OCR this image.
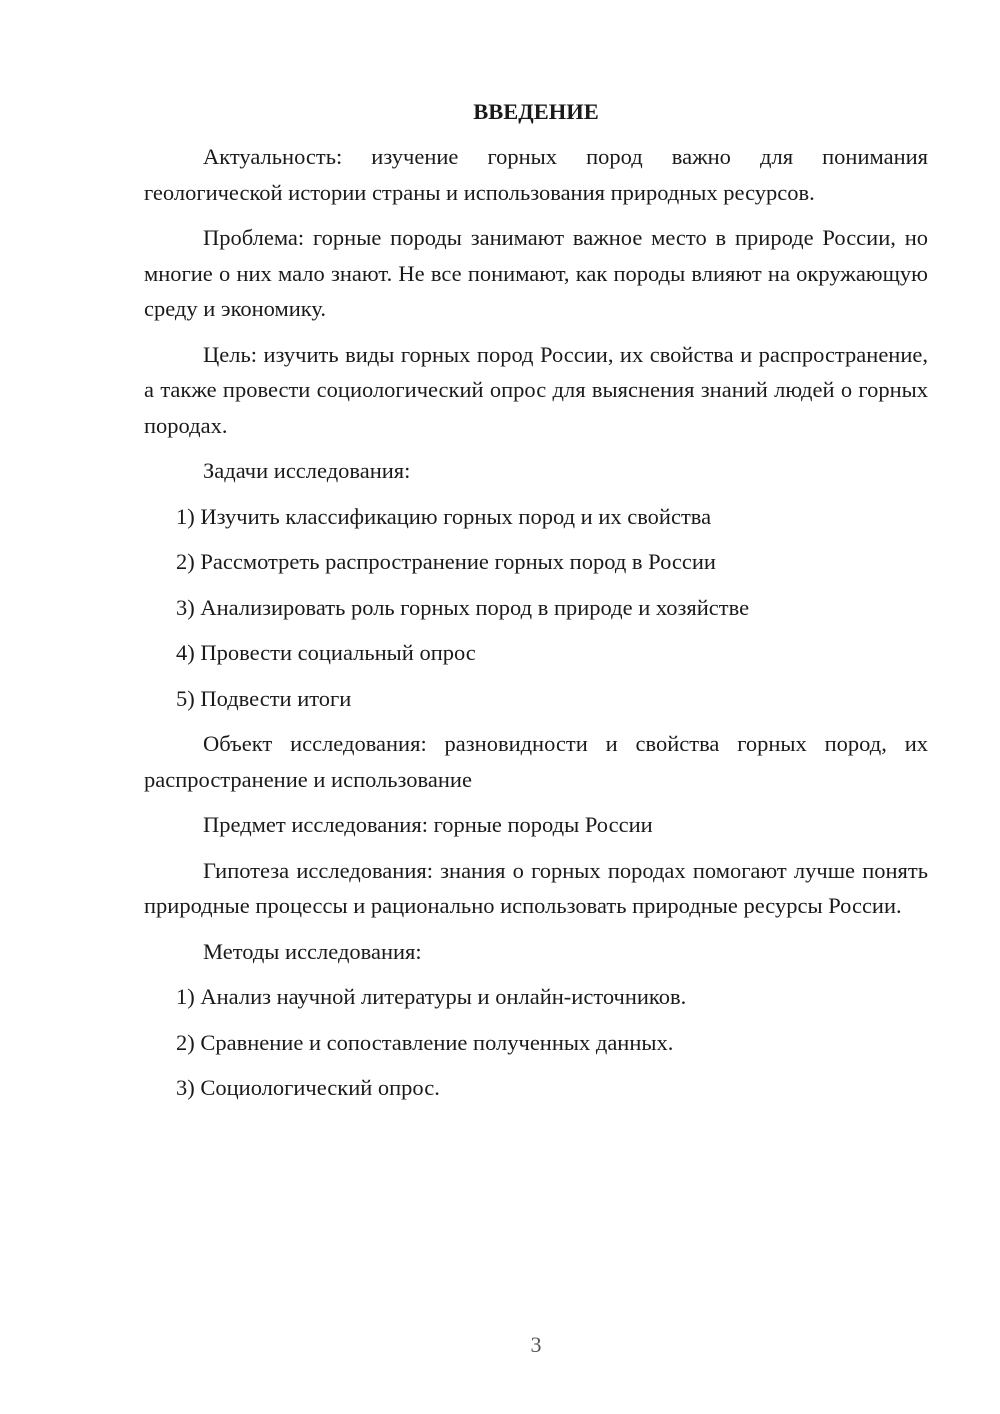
ВВЕДЕНИЕ

Актуальность: изучение горных пород важно для понимания геологической истории страны и использования природных ресурсов.

Проблема: горные породы занимают важное место в природе России, но многие о них мало знают. Не все понимают, как породы влияют на окружающую среду и экономику.

Цель: изучить виды горных пород России, их свойства и распространение, а также провести социологический опрос для выяснения знаний людей о горных породах.

Задачи исследования:
1) Изучить классификацию горных пород и их свойства
2) Рассмотреть распространение горных пород в России
3) Анализировать роль горных пород в природе и хозяйстве
4) Провести социальный опрос
5) Подвести итоги

Объект исследования: разновидности и свойства горных пород, их распространение и использование

Предмет исследования: горные породы России

Гипотеза исследования: знания о горных породах помогают лучше понять природные процессы и рационально использовать природные ресурсы России.

Методы исследования:
1) Анализ научной литературы и онлайн-источников.
2) Сравнение и сопоставление полученных данных.
3) Социологический опрос.
3
